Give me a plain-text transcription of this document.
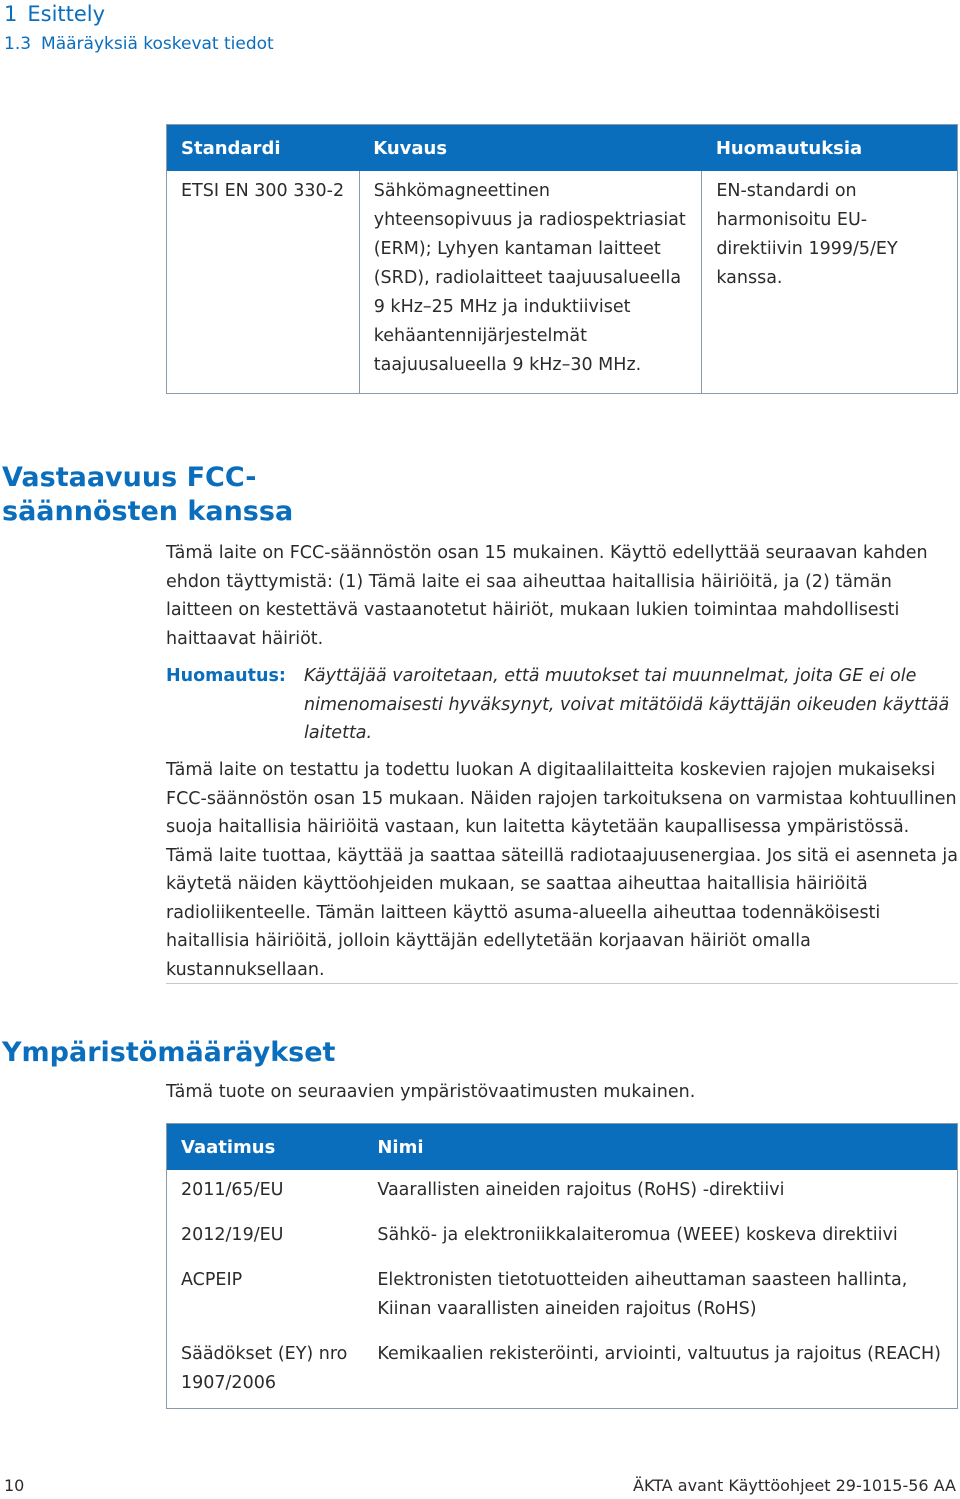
1 Esittely
1.3 Määräyksiä koskevat tiedot
Standardi	Kuvaus	Huomautuksia
ETSI EN 300 330-2	Sähkömagneettinen yhteensopivuus ja radiospektriasiat (ERM); Lyhyen kantaman laitteet (SRD), radiolaitteet taajuusalueella 9 kHz–25 MHz ja induktiiviset kehäantennijärjestelmät taajuusalueella 9 kHz–30 MHz.	EN-standardi on harmonisoitu EU-direktiivin 1999/5/EY kanssa.
Vastaavuus FCC-säännösten kanssa
Tämä laite on FCC-säännöstön osan 15 mukainen. Käyttö edellyttää seuraavan kahden ehdon täyttymistä: (1) Tämä laite ei saa aiheuttaa haitallisia häiriöitä, ja (2) tämän laitteen on kestettävä vastaanotetut häiriöt, mukaan lukien toimintaa mahdollisesti haittaavat häiriöt.
Huomautus: Käyttäjää varoitetaan, että muutokset tai muunnelmat, joita GE ei ole nimenomaisesti hyväksynyt, voivat mitätöidä käyttäjän oikeuden käyttää laitetta.
Tämä laite on testattu ja todettu luokan A digitaalilaitteita koskevien rajojen mukaiseksi FCC-säännöstön osan 15 mukaan. Näiden rajojen tarkoituksena on varmistaa kohtuullinen suoja haitallisia häiriöitä vastaan, kun laitetta käytetään kaupallisessa ympäristössä. Tämä laite tuottaa, käyttää ja saattaa säteillä radiotaajuusenergiaa. Jos sitä ei asenneta ja käytetä näiden käyttöohjeiden mukaan, se saattaa aiheuttaa haitallisia häiriöitä radioliikenteelle. Tämän laitteen käyttö asuma-alueella aiheuttaa todennäköisesti haitallisia häiriöitä, jolloin käyttäjän edellytetään korjaavan häiriöt omalla kustannuksellaan.
Ympäristömääräykset
Tämä tuote on seuraavien ympäristövaatimusten mukainen.
Vaatimus	Nimi
2011/65/EU	Vaarallisten aineiden rajoitus (RoHS) -direktiivi
2012/19/EU	Sähkö- ja elektroniikkalaiteromua (WEEE) koskeva direktiivi
ACPEIP	Elektronisten tietotuotteiden aiheuttaman saasteen hallinta, Kiinan vaarallisten aineiden rajoitus (RoHS)
Säädökset (EY) nro 1907/2006	Kemikaalien rekisteröinti, arviointi, valtuutus ja rajoitus (REACH)
10	ÄKTA avant Käyttöohjeet 29-1015-56 AA
